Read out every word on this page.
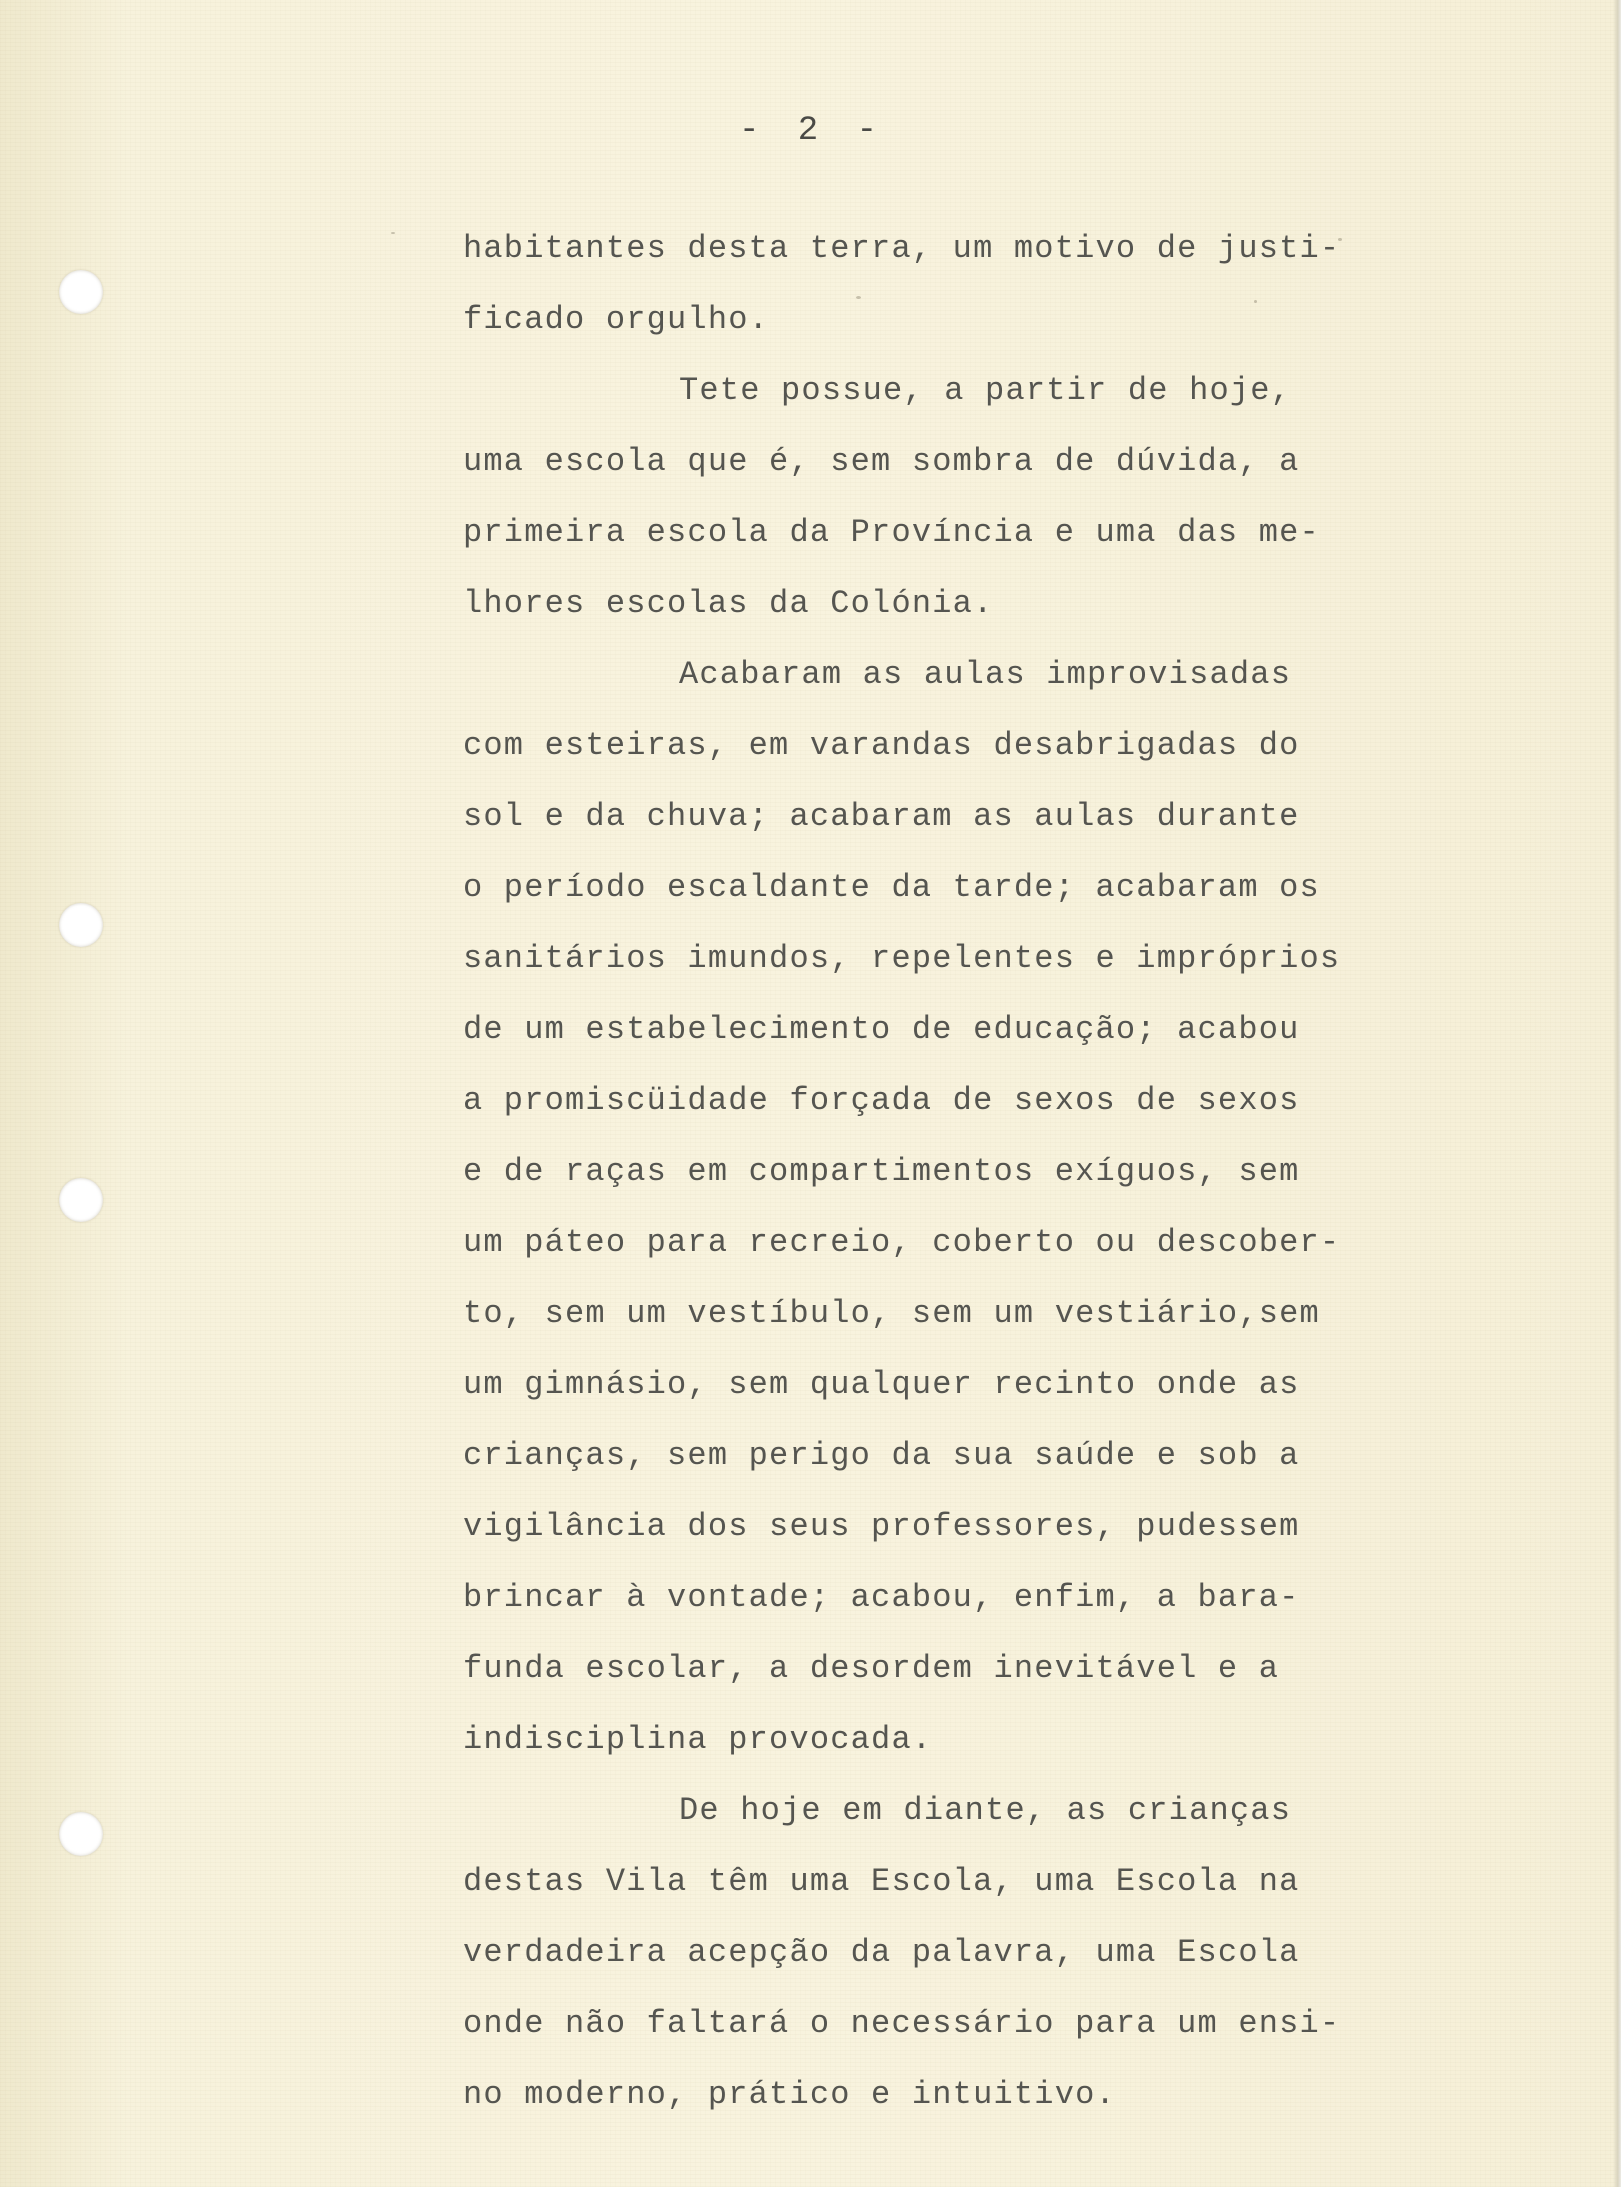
- 2 -
habitantes desta terra, um motivo de justi-
ficado orgulho.
Tete possue, a partir de hoje,
uma escola que é, sem sombra de dúvida, a
primeira escola da Província e uma das me-
lhores escolas da Colónia.
Acabaram as aulas improvisadas
com esteiras, em varandas desabrigadas do
sol e da chuva; acabaram as aulas durante
o período escaldante da tarde; acabaram os
sanitários imundos, repelentes e impróprios
de um estabelecimento de educação; acabou
a promiscüidade forçada de sexos de sexos
e de raças em compartimentos exíguos, sem
um páteo para recreio, coberto ou descober-
to, sem um vestíbulo, sem um vestiário,sem
um gimnásio, sem qualquer recinto onde as
crianças, sem perigo da sua saúde e sob a
vigilância dos seus professores, pudessem
brincar à vontade; acabou, enfim, a bara-
funda escolar, a desordem inevitável e a
indisciplina provocada.
De hoje em diante, as crianças
destas Vila têm uma Escola, uma Escola na
verdadeira acepção da palavra, uma Escola
onde não faltará o necessário para um ensi-
no moderno, prático e intuitivo.
